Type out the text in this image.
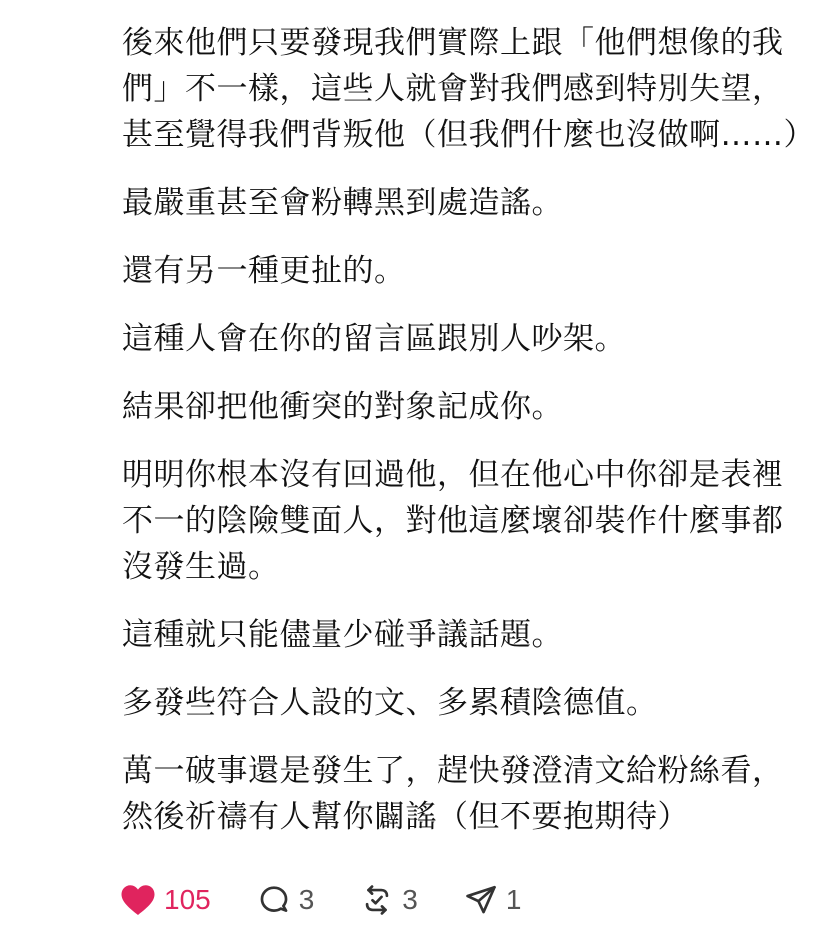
後來他們只要發現我們實際上跟「他們想像的我們」不一樣，這些人就會對我們感到特別失望，甚至覺得我們背叛他（但我們什麼也沒做啊……）

最嚴重甚至會粉轉黑到處造謠。

還有另一種更扯的。

這種人會在你的留言區跟別人吵架。

結果卻把他衝突的對象記成你。

明明你根本沒有回過他，但在他心中你卻是表裡不一的陰險雙面人，對他這麼壞卻裝作什麼事都沒發生過。

這種就只能儘量少碰爭議話題。

多發些符合人設的文、多累積陰德值。

萬一破事還是發生了，趕快發澄清文給粉絲看，然後祈禱有人幫你闢謠（但不要抱期待）

105	3	3	1
